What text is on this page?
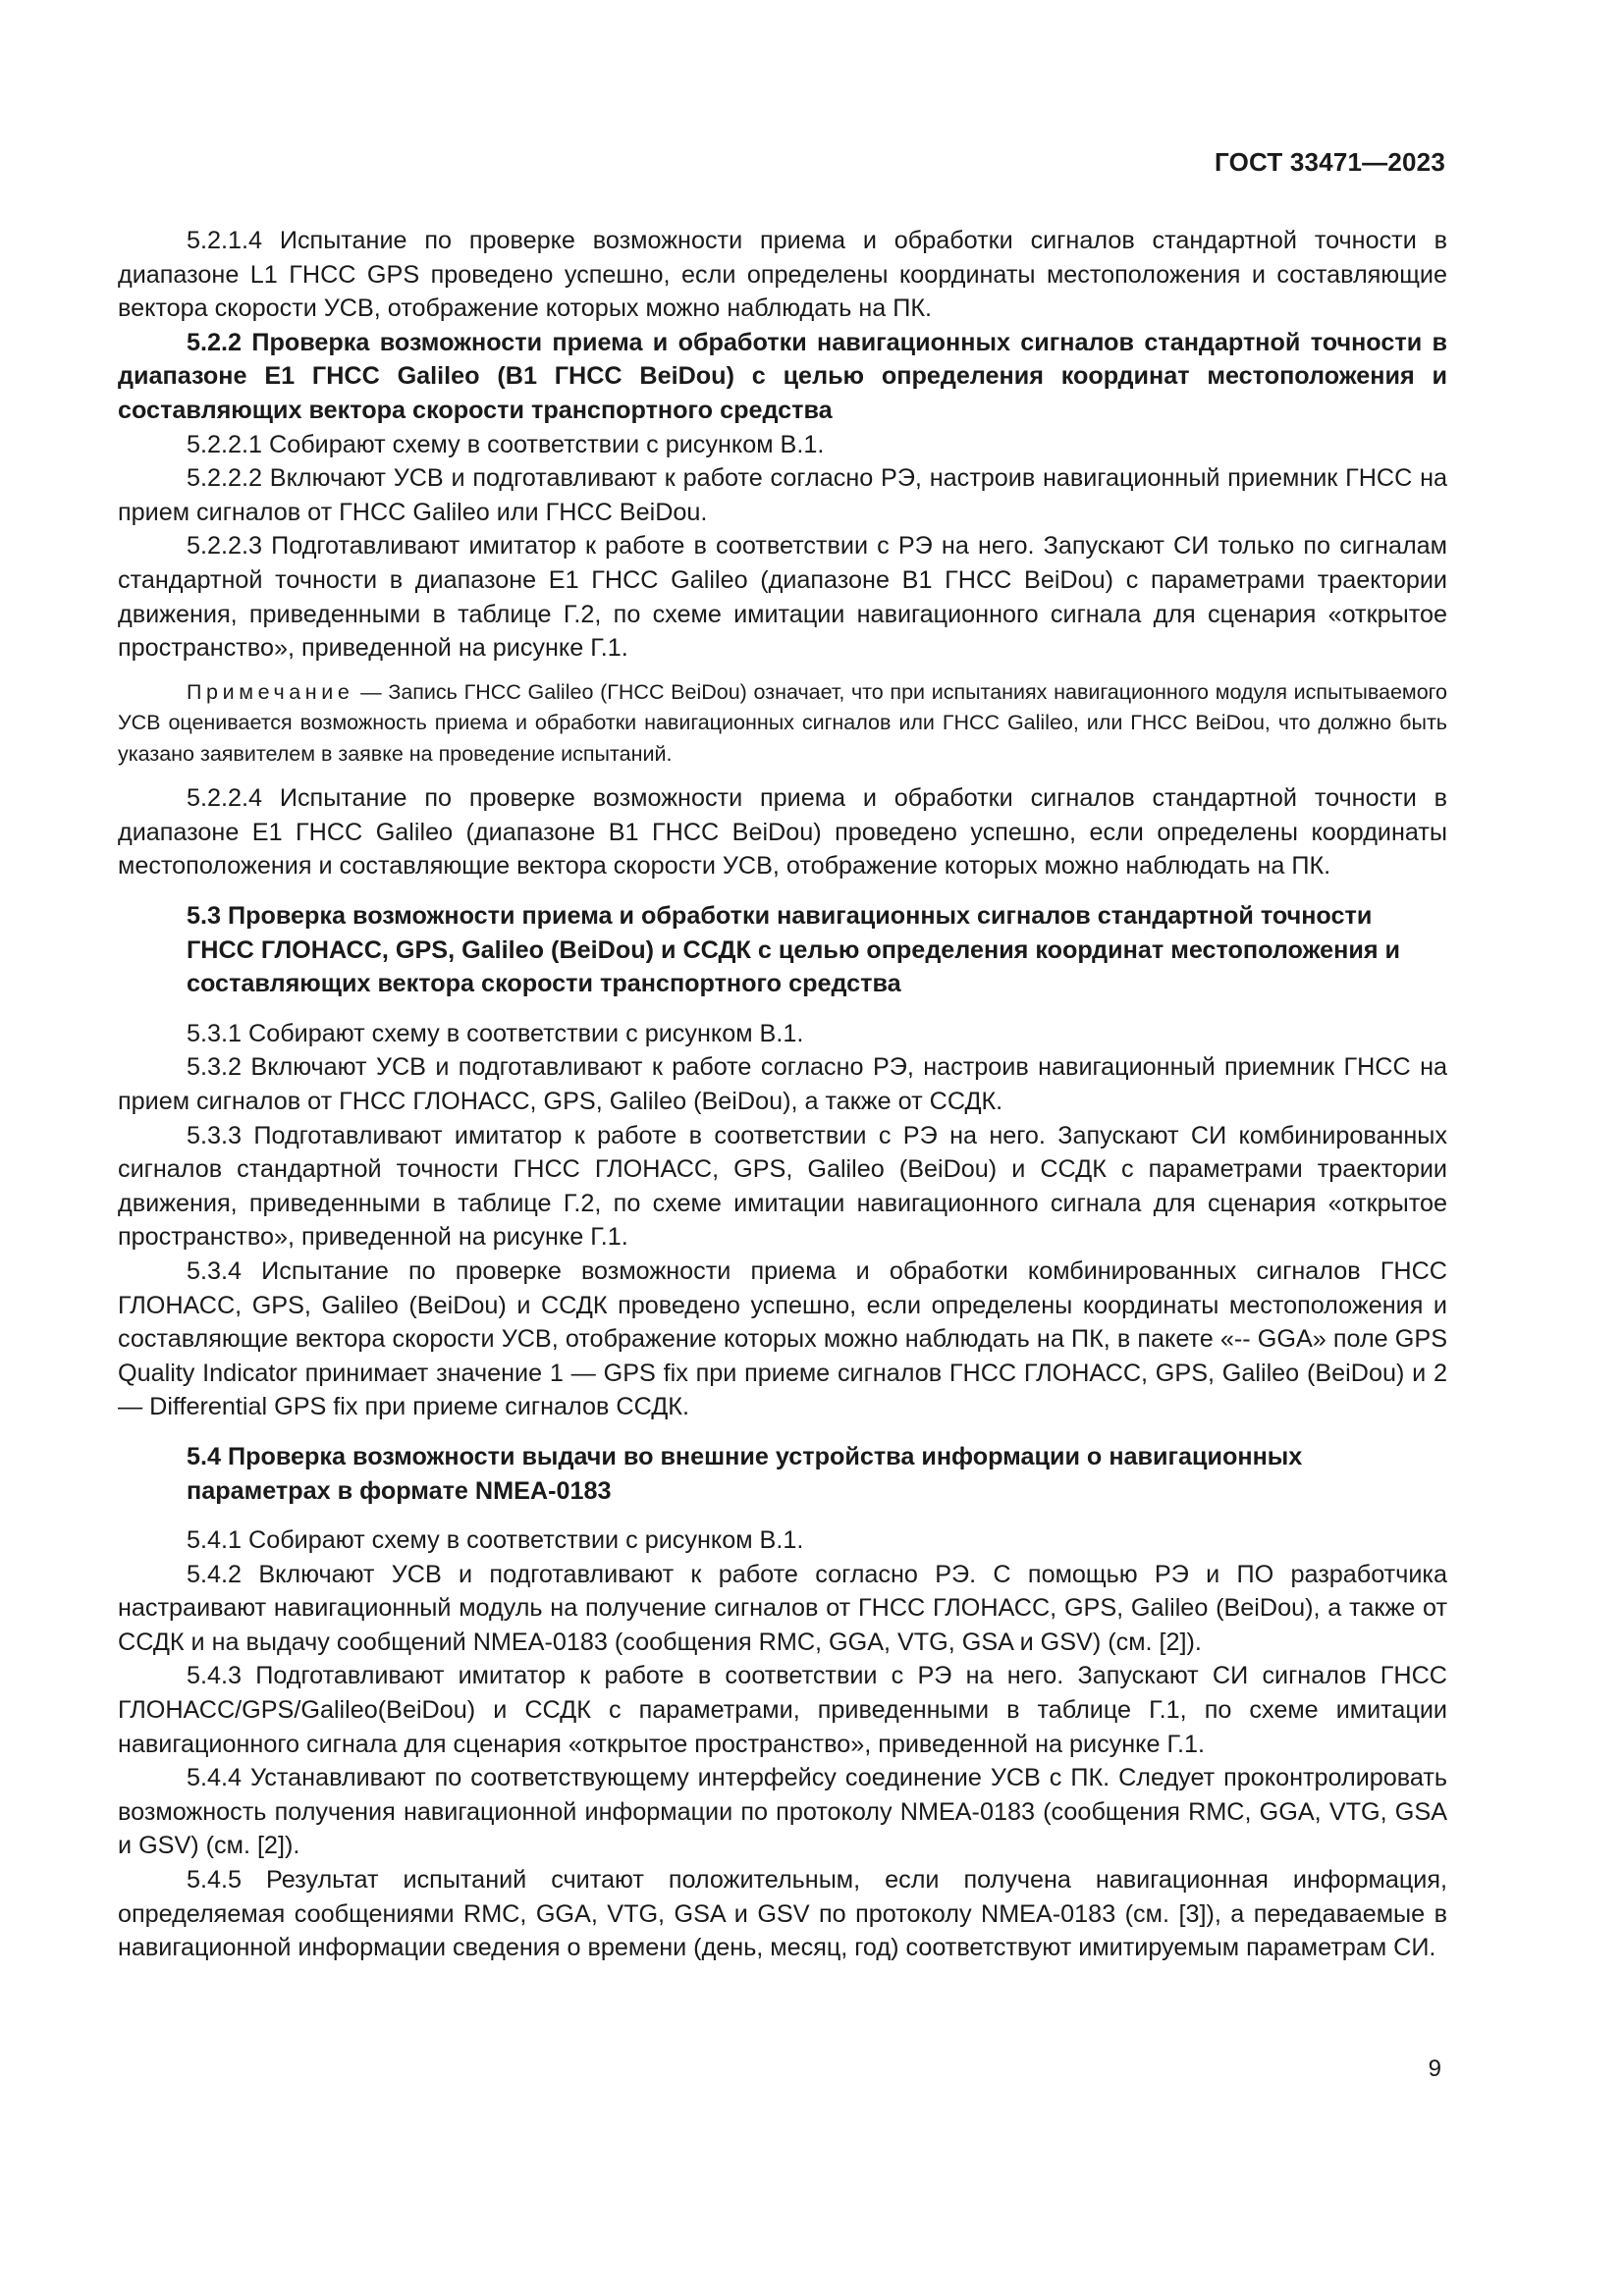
ГОСТ 33471—2023

5.2.1.4 Испытание по проверке возможности приема и обработки сигналов стандартной точности в диапазоне L1 ГНСС GPS проведено успешно, если определены координаты местоположения и составляющие вектора скорости УСВ, отображение которых можно наблюдать на ПК.

5.2.2 Проверка возможности приема и обработки навигационных сигналов стандартной точности в диапазоне E1 ГНСС Galileo (B1 ГНСС BeiDou) с целью определения координат местоположения и составляющих вектора скорости транспортного средства

5.2.2.1 Собирают схему в соответствии с рисунком В.1.

5.2.2.2 Включают УСВ и подготавливают к работе согласно РЭ, настроив навигационный приемник ГНСС на прием сигналов от ГНСС Galileo или ГНСС BeiDou.

5.2.2.3 Подготавливают имитатор к работе в соответствии с РЭ на него. Запускают СИ только по сигналам стандартной точности в диапазоне E1 ГНСС Galileo (диапазоне B1 ГНСС BeiDou) с параметрами траектории движения, приведенными в таблице Г.2, по схеме имитации навигационного сигнала для сценария «открытое пространство», приведенной на рисунке Г.1.

Примечание — Запись ГНСС Galileo (ГНСС BeiDou) означает, что при испытаниях навигационного модуля испытываемого УСВ оценивается возможность приема и обработки навигационных сигналов или ГНСС Galileo, или ГНСС BeiDou, что должно быть указано заявителем в заявке на проведение испытаний.

5.2.2.4 Испытание по проверке возможности приема и обработки сигналов стандартной точности в диапазоне E1 ГНСС Galileo (диапазоне B1 ГНСС BeiDou) проведено успешно, если определены координаты местоположения и составляющие вектора скорости УСВ, отображение которых можно наблюдать на ПК.

5.3 Проверка возможности приема и обработки навигационных сигналов стандартной точности ГНСС ГЛОНАСС, GPS, Galileo (BeiDou) и ССДК с целью определения координат местоположения и составляющих вектора скорости транспортного средства

5.3.1 Собирают схему в соответствии с рисунком В.1.

5.3.2 Включают УСВ и подготавливают к работе согласно РЭ, настроив навигационный приемник ГНСС на прием сигналов от ГНСС ГЛОНАСС, GPS, Galileo (BeiDou), а также от ССДК.

5.3.3 Подготавливают имитатор к работе в соответствии с РЭ на него. Запускают СИ комбинированных сигналов стандартной точности ГНСС ГЛОНАСС, GPS, Galileo (BeiDou) и ССДК с параметрами траектории движения, приведенными в таблице Г.2, по схеме имитации навигационного сигнала для сценария «открытое пространство», приведенной на рисунке Г.1.

5.3.4 Испытание по проверке возможности приема и обработки комбинированных сигналов ГНСС ГЛОНАСС, GPS, Galileo (BeiDou) и ССДК проведено успешно, если определены координаты местоположения и составляющие вектора скорости УСВ, отображение которых можно наблюдать на ПК, в пакете «-- GGA» поле GPS Quality Indicator принимает значение 1 — GPS fix при приеме сигналов ГНСС ГЛОНАСС, GPS, Galileo (BeiDou) и 2 — Differential GPS fix при приеме сигналов ССДК.

5.4 Проверка возможности выдачи во внешние устройства информации о навигационных параметрах в формате NMEA-0183

5.4.1 Собирают схему в соответствии с рисунком В.1.

5.4.2 Включают УСВ и подготавливают к работе согласно РЭ. С помощью РЭ и ПО разработчика настраивают навигационный модуль на получение сигналов от ГНСС ГЛОНАСС, GPS, Galileo (BeiDou), а также от ССДК и на выдачу сообщений NMEA-0183 (сообщения RMC, GGA, VTG, GSA и GSV) (см. [2]).

5.4.3 Подготавливают имитатор к работе в соответствии с РЭ на него. Запускают СИ сигналов ГНСС ГЛОНАСС/GPS/Galileo(BeiDou) и ССДК с параметрами, приведенными в таблице Г.1, по схеме имитации навигационного сигнала для сценария «открытое пространство», приведенной на рисунке Г.1.

5.4.4 Устанавливают по соответствующему интерфейсу соединение УСВ с ПК. Следует проконтролировать возможность получения навигационной информации по протоколу NMEA-0183 (сообщения RMC, GGA, VTG, GSA и GSV) (см. [2]).

5.4.5 Результат испытаний считают положительным, если получена навигационная информация, определяемая сообщениями RMC, GGA, VTG, GSA и GSV по протоколу NMEA-0183 (см. [3]), а передаваемые в навигационной информации сведения о времени (день, месяц, год) соответствуют имитируемым параметрам СИ.

9
